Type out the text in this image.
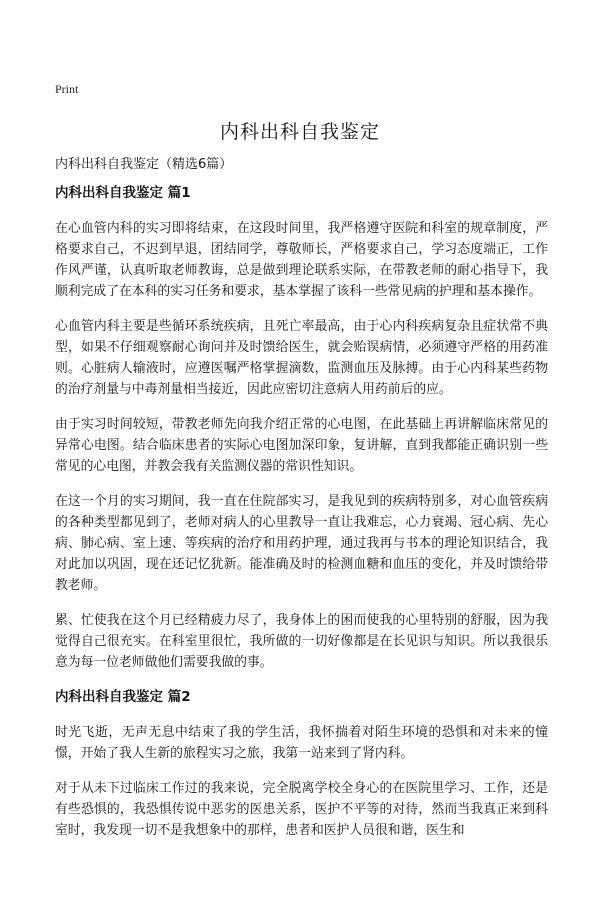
Print
内科出科自我鉴定
内科出科自我鉴定（精选6篇）
内科出科自我鉴定 篇1

在心血管内科的实习即将结束，在这段时间里，我严格遵守医院和科室的规章制度，严格要求自己，不迟到早退，团结同学，尊敬师长，严格要求自己，学习态度端正，工作作风严谨，认真听取老师教诲，总是做到理论联系实际，在带教老师的耐心指导下，我顺利完成了在本科的实习任务和要求，基本掌握了该科一些常见病的护理和基本操作。

心血管内科主要是些循环系统疾病，且死亡率最高，由于心内科疾病复杂且症状常不典型，如果不仔细观察耐心询问并及时馈给医生，就会贻误病情，必须遵守严格的用药准则。心脏病人输液时，应遵医嘱严格掌握滴数，监测血压及脉搏。由于心内科某些药物的治疗剂量与中毒剂量相当接近，因此应密切注意病人用药前后的应。

由于实习时间较短，带教老师先向我介绍正常的心电图，在此基础上再讲解临床常见的异常心电图。结合临床患者的实际心电图加深印象，复讲解，直到我都能正确识别一些常见的心电图，并教会我有关监测仪器的常识性知识。

在这一个月的实习期间，我一直在住院部实习，是我见到的疾病特别多，对心血管疾病的各种类型都见到了，老师对病人的心里教导一直让我难忘，心力衰竭、冠心病、先心病、肺心病、室上速、等疾病的治疗和用药护理，通过我再与书本的理论知识结合，我对此加以巩固，现在还记忆犹新。能准确及时的检测血糖和血压的变化，并及时馈给带教老师。

累、忙使我在这个月已经精疲力尽了，我身体上的困而使我的心里特别的舒服，因为我觉得自己很充实。在科室里很忙，我所做的一切好像都是在长见识与知识。所以我很乐意为每一位老师做他们需要我做的事。

内科出科自我鉴定 篇2

时光飞逝，无声无息中结束了我的学生活，我怀揣着对陌生环境的恐惧和对未来的憧憬，开始了我人生新的旅程实习之旅，我第一站来到了肾内科。

对于从未下过临床工作过的我来说，完全脱离学校全身心的在医院里学习、工作，还是有些恐惧的，我恐惧传说中恶劣的医患关系，医护不平等的对待，然而当我真正来到科室时，我发现一切不是我想象中的那样，患者和医护人员很和谐，医生和
